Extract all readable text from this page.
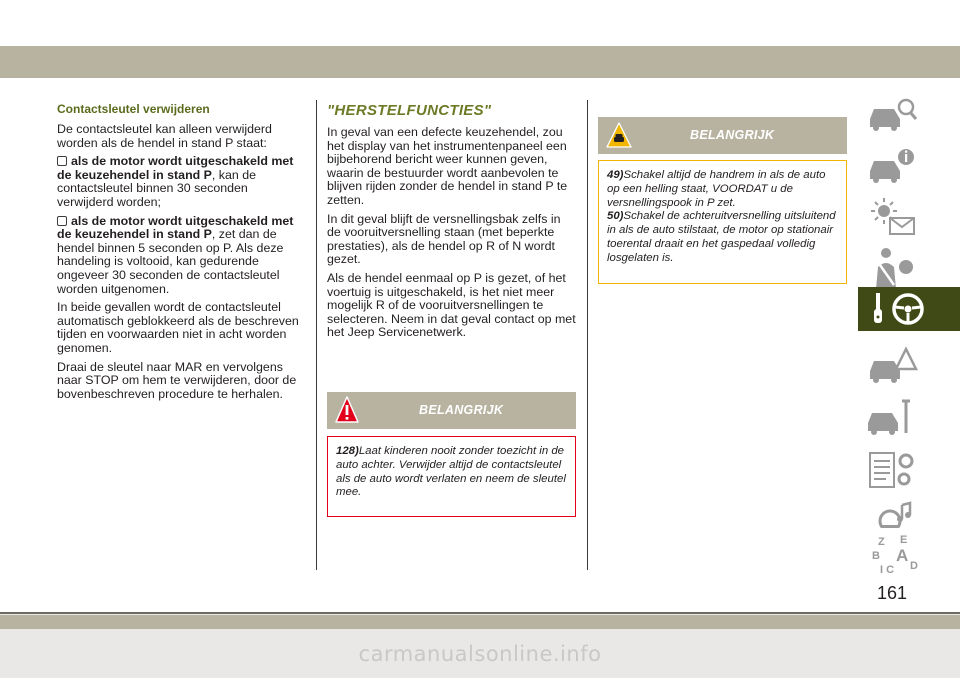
Contactsleutel verwijderen

De contactsleutel kan alleen verwijderd worden als de hendel in stand P staat:

als de motor wordt uitgeschakeld met de keuzehendel in stand P, kan de contactsleutel binnen 30 seconden verwijderd worden;

als de motor wordt uitgeschakeld met de keuzehendel in stand P, zet dan de hendel binnen 5 seconden op P. Als deze handeling is voltooid, kan gedurende ongeveer 30 seconden de contactsleutel worden uitgenomen.

In beide gevallen wordt de contactsleutel automatisch geblokkeerd als de beschreven tijden en voorwaarden niet in acht worden genomen.

Draai de sleutel naar MAR en vervolgens naar STOP om hem te verwijderen, door de bovenbeschreven procedure te herhalen.

"HERSTELFUNCTIES"

In geval van een defecte keuzehendel, zou het display van het instrumentenpaneel een bijbehorend bericht weer kunnen geven, waarin de bestuurder wordt aanbevolen te blijven rijden zonder de hendel in stand P te zetten.

In dit geval blijft de versnellingsbak zelfs in de vooruitversnelling staan (met beperkte prestaties), als de hendel op R of N wordt gezet.

Als de hendel eenmaal op P is gezet, of het voertuig is uitgeschakeld, is het niet meer mogelijk R of de vooruitversnellingen te selecteren. Neem in dat geval contact op met het Jeep Servicenetwerk.

BELANGRIJK

128)Laat kinderen nooit zonder toezicht in de auto achter. Verwijder altijd de contactsleutel als de auto wordt verlaten en neem de sleutel mee.

BELANGRIJK

49)Schakel altijd de handrem in als de auto op een helling staat, VOORDAT u de versnellingspook in P zet.

50)Schakel de achteruitversnelling uitsluitend in als de auto stilstaat, de motor op stationair toerental draait en het gaspedaal volledig losgelaten is.

Z E
B A
I C D
161
carmanualsonline.info
